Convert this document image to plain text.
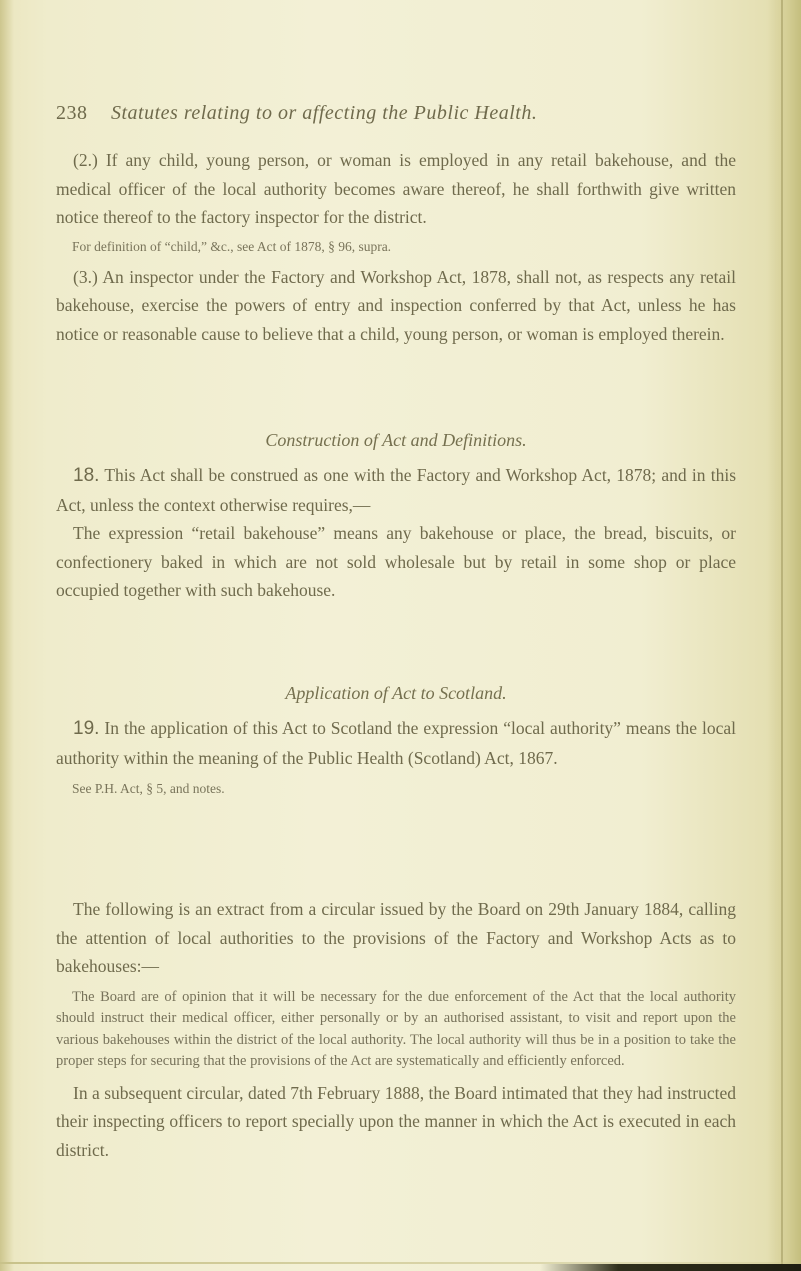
238 Statutes relating to or affecting the Public Health.

(2.) If any child, young person, or woman is employed in any retail bakehouse, and the medical officer of the local authority becomes aware thereof, he shall forthwith give written notice thereof to the factory inspector for the district.

For definition of “child,” &c., see Act of 1878, § 96, supra.

(3.) An inspector under the Factory and Workshop Act, 1878, shall not, as respects any retail bakehouse, exercise the powers of entry and inspection conferred by that Act, unless he has notice or reasonable cause to believe that a child, young person, or woman is employed therein.

Construction of Act and Definitions.

18. This Act shall be construed as one with the Factory and Workshop Act, 1878; and in this Act, unless the context otherwise requires,—

The expression “retail bakehouse” means any bakehouse or place, the bread, biscuits, or confectionery baked in which are not sold wholesale but by retail in some shop or place occupied together with such bakehouse.

Application of Act to Scotland.

19. In the application of this Act to Scotland the expression “local authority” means the local authority within the meaning of the Public Health (Scotland) Act, 1867.

See P.H. Act, § 5, and notes.

The following is an extract from a circular issued by the Board on 29th January 1884, calling the attention of local authorities to the provisions of the Factory and Workshop Acts as to bakehouses:—

The Board are of opinion that it will be necessary for the due enforcement of the Act that the local authority should instruct their medical officer, either personally or by an authorised assistant, to visit and report upon the various bakehouses within the district of the local authority. The local authority will thus be in a position to take the proper steps for securing that the provisions of the Act are systematically and efficiently enforced.

In a subsequent circular, dated 7th February 1888, the Board intimated that they had instructed their inspecting officers to report specially upon the manner in which the Act is executed in each district.
